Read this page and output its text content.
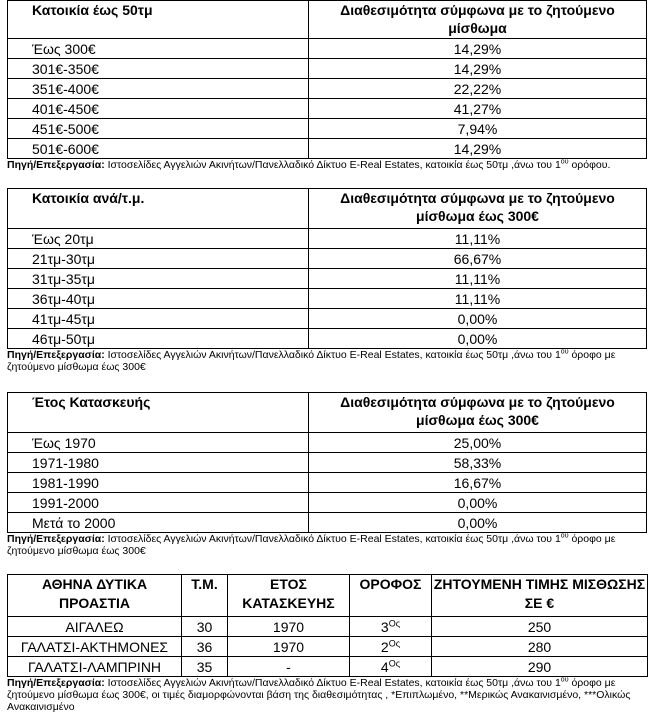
Κατοικία έως 50τμ	Διαθεσιμότητα σύμφωνα με το ζητούμενο μίσθωμα
Έως 300€	14,29%
301€-350€	14,29%
351€-400€	22,22%
401€-450€	41,27%
451€-500€	7,94%
501€-600€	14,29%
Πηγή/Επεξεργασία: Ιστοσελίδες Αγγελιών Ακινήτων/Πανελλαδικό Δίκτυο E-Real Estates, κατοικία έως 50τμ ,άνω του $1^{o\upsilon}$ ορόφου.
Κατοικία ανά/τ.μ.	Διαθεσιμότητα σύμφωνα με το ζητούμενο μίσθωμα έως 300€
Έως 20τμ	11,11%
21τμ-30τμ	66,67%
31τμ-35τμ	11,11%
36τμ-40τμ	11,11%
41τμ-45τμ	0,00%
46τμ-50τμ	0,00%
Πηγή/Επεξεργασία: Ιστοσελίδες Αγγελιών Ακινήτων/Πανελλαδικό Δίκτυο E-Real Estates, κατοικία έως 50τμ ,άνω του $1^{o\upsilon}$ όροφο με ζητούμενο μίσθωμα έως 300€
Έτος Κατασκευής	Διαθεσιμότητα σύμφωνα με το ζητούμενο μίσθωμα έως 300€
Έως 1970	25,00%
1971-1980	58,33%
1981-1990	16,67%
1991-2000	0,00%
Μετά το 2000	0,00%
Πηγή/Επεξεργασία: Ιστοσελίδες Αγγελιών Ακινήτων/Πανελλαδικό Δίκτυο E-Real Estates, κατοικία έως 50τμ ,άνω του $1^{o\upsilon}$ όροφο με ζητούμενο μίσθωμα έως 300€
ΑΘΗΝΑ ΔΥΤΙΚΑ ΠΡΟΑΣΤΙΑ	Τ.Μ.	ΕΤΟΣ ΚΑΤΑΣΚΕΥΗΣ	ΟΡΟΦΟΣ	ΖΗΤΟΥΜΕΝΗ ΤΙΜΗΣ ΜΙΣΘΩΣΗΣ ΣΕ €
ΑΙΓΑΛΕΩ	30	1970	$3^{O\varsigma}$	250
ΓΑΛΑΤΣΙ-ΑΚΤΗΜΟΝΕΣ	36	1970	$2^{O\varsigma}$	280
ΓΑΛΑΤΣΙ-ΛΑΜΠΡΙΝΗ	35	-	$4^{O\varsigma}$	290
Πηγή/Επεξεργασία: Ιστοσελίδες Αγγελιών Ακινήτων/Πανελλαδικό Δίκτυο E-Real Estates, κατοικία έως 50τμ ,άνω του $1^{o\upsilon}$ όροφο με ζητούμενο μίσθωμα έως 300€, οι τιμές διαμορφώνονται βάση της διαθεσιμότητας , *Επιπλωμένο, **Μερικώς Ανακαινισμένο, ***Ολικώς Ανακαινισμένο
